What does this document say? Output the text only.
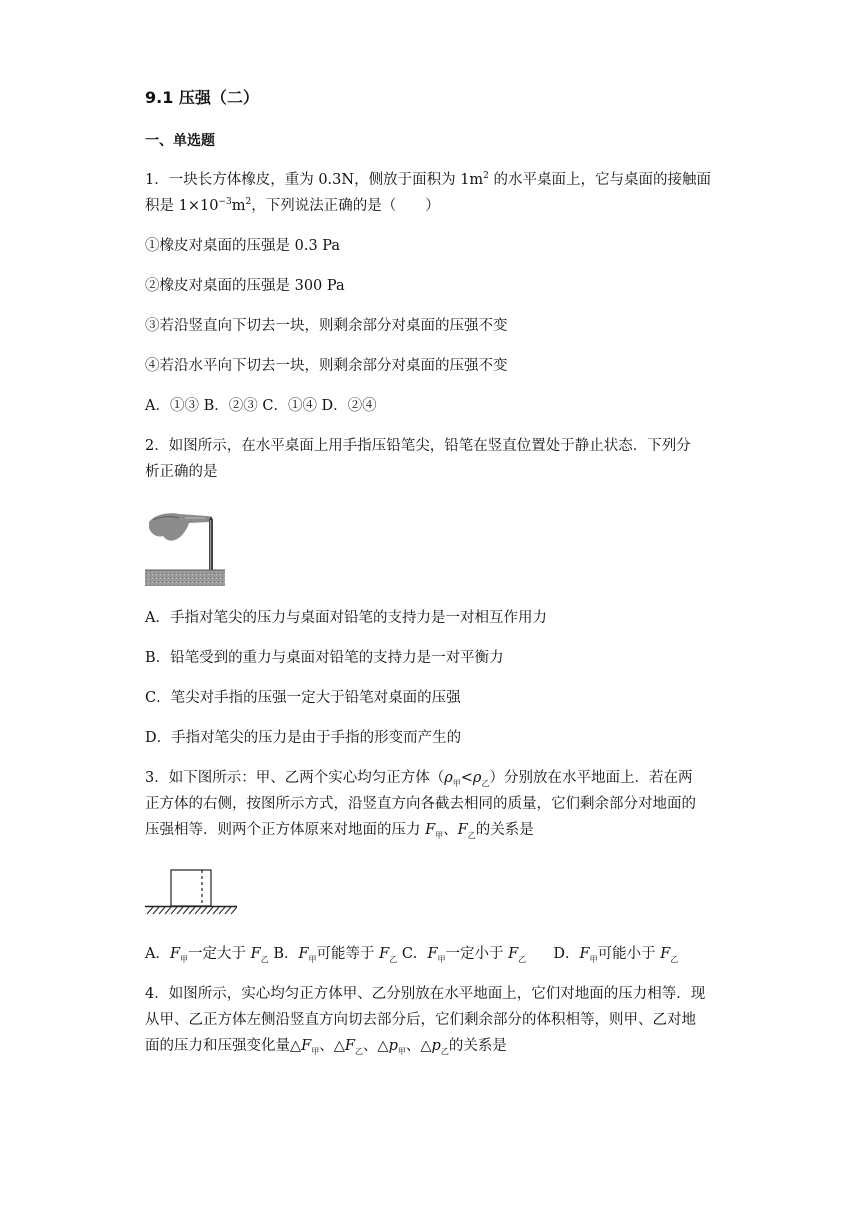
9.1 压强（二）
一、单选题
1．一块长方体橡皮，重为 0.3N，侧放于面积为 $1m^2$ 的水平桌面上，它与桌面的接触面
积是 $1\times 10^{-3}m^2$，下列说法正确的是（　　）
①橡皮对桌面的压强是 0.3 Pa
②橡皮对桌面的压强是 300 Pa
③若沿竖直向下切去一块，则剩余部分对桌面的压强不变
④若沿水平向下切去一块，则剩余部分对桌面的压强不变
A．①③ B．②③ C．①④ D．②④
2．如图所示，在水平桌面上用手指压铅笔尖，铅笔在竖直位置处于静止状态．下列分
析正确的是
A．手指对笔尖的压力与桌面对铅笔的支持力是一对相互作用力
B．铅笔受到的重力与桌面对铅笔的支持力是一对平衡力
C．笔尖对手指的压强一定大于铅笔对桌面的压强
D．手指对笔尖的压力是由于手指的形变而产生的
3．如下图所示：甲、乙两个实心均匀正方体$(\rho_甲<\rho_乙)$分别放在水平地面上．若在两
正方体的右侧，按图所示方式，沿竖直方向各截去相同的质量，它们剩余部分对地面的
压强相等．则两个正方体原来对地面的压力 $F_甲$、$F_乙$的关系是
A．$F_甲$一定大于 $F_乙$ B．$F_甲$可能等于 $F_乙$ C．$F_甲$一定小于 $F_乙$ D．$F_甲$可能小于 $F_乙$
4．如图所示，实心均匀正方体甲、乙分别放在水平地面上，它们对地面的压力相等．现
从甲、乙正方体左侧沿竖直方向切去部分后，它们剩余部分的体积相等，则甲、乙对地
面的压力和压强变化量$\triangle F_甲$、$\triangle F_乙$、$\triangle p_甲$、$\triangle p_乙$的关系是
